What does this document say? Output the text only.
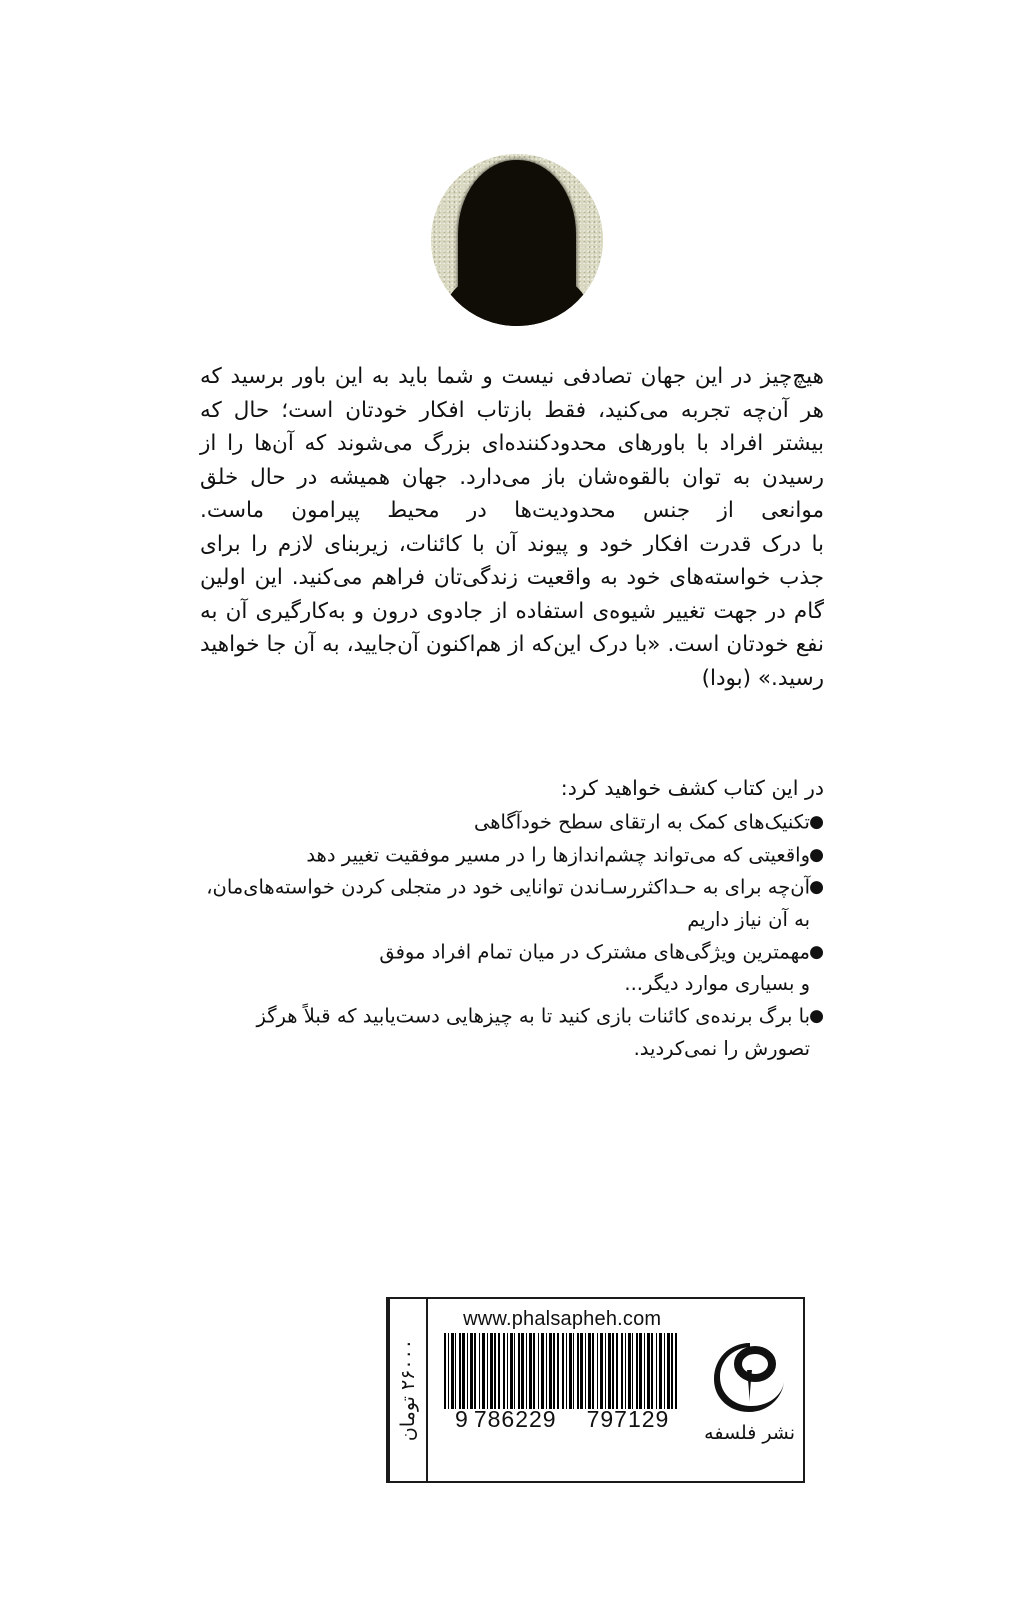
هیچ‌چیز در این جهان تصادفی نیست و شما باید به این باور برسید که هر آن‌چه تجربه می‌کنید، فقط بازتاب افکار خودتان است؛ حال که بیشتر افراد با باورهای محدودکننده‌ای بزرگ می‌شوند که آن‌ها را از رسیدن به توان بالقوه‌شان باز می‌دارد. جهان همیشه در حال خلق موانعی از جنس محدودیت‌ها در محیط پیرامون ماست.

با درک قدرت افکار خود و پیوند آن با کائنات، زیربنای لازم را برای جذب خواسته‌های خود به واقعیت زندگی‌تان فراهم می‌کنید. این اولین گام در جهت تغییر شیوه‌ی استفاده از جادوی درون و به‌کارگیری آن به نفع خودتان است. «با درک این‌که از هم‌اکنون آن‌جایید، به آن جا خواهید رسید.» (بودا)

در این کتاب کشف خواهید کرد:

●تکنیک‌های کمک به ارتقای سطح خودآگاهی
●واقعیتی که می‌تواند چشم‌اندازها را در مسیر موفقیت تغییر دهد
●آن‌چه برای به حـداکثررسـاندن توانایی خود در متجلی کردن خواسته‌های‌مان،
به آن نیاز داریم
●مهمترین ویژگی‌های مشترک در میان تمام افراد موفق
و بسیاری موارد دیگر...
●با برگ برنده‌ی کائنات بازی کنید تا به چیزهایی دست‌یابید که قبلاً هرگز
تصورش را نمی‌کردید.
۲۶۰۰۰ تومان
www.phalsapheh.com
9 786229 797129
نشر فلسفه
